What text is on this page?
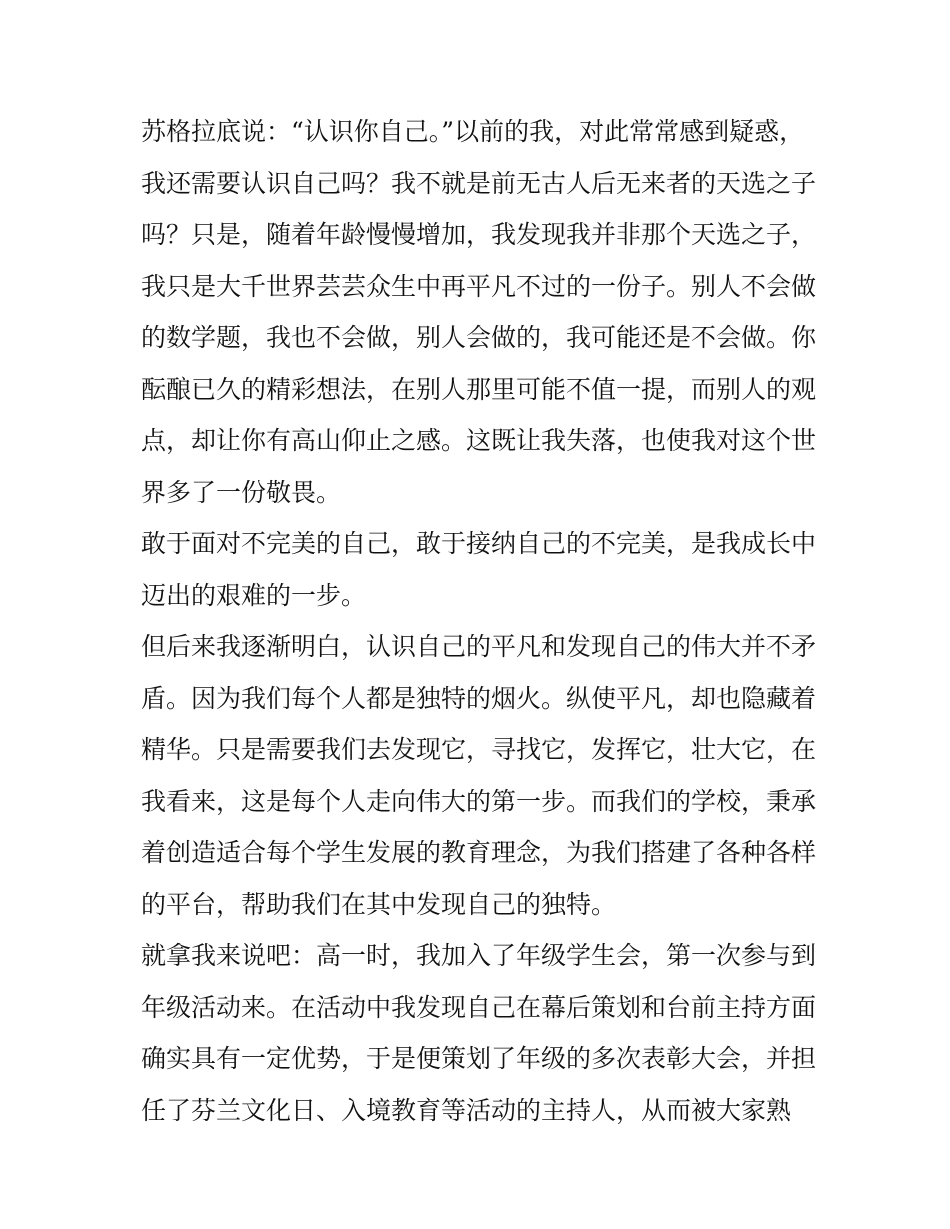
苏格拉底说：“认识你自己。”以前的我，对此常常感到疑惑，
我还需要认识自己吗？我不就是前无古人后无来者的天选之子
吗？只是，随着年龄慢慢增加，我发现我并非那个天选之子，
我只是大千世界芸芸众生中再平凡不过的一份子。别人不会做
的数学题，我也不会做，别人会做的，我可能还是不会做。你
酝酿已久的精彩想法，在别人那里可能不值一提，而别人的观
点，却让你有高山仰止之感。这既让我失落，也使我对这个世
界多了一份敬畏。
敢于面对不完美的自己，敢于接纳自己的不完美，是我成长中
迈出的艰难的一步。
但后来我逐渐明白，认识自己的平凡和发现自己的伟大并不矛
盾。因为我们每个人都是独特的烟火。纵使平凡，却也隐藏着
精华。只是需要我们去发现它，寻找它，发挥它，壮大它，在
我看来，这是每个人走向伟大的第一步。而我们的学校，秉承
着创造适合每个学生发展的教育理念，为我们搭建了各种各样
的平台，帮助我们在其中发现自己的独特。
就拿我来说吧：高一时，我加入了年级学生会，第一次参与到
年级活动来。在活动中我发现自己在幕后策划和台前主持方面
确实具有一定优势，于是便策划了年级的多次表彰大会，并担
任了芬兰文化日、入境教育等活动的主持人，从而被大家熟
